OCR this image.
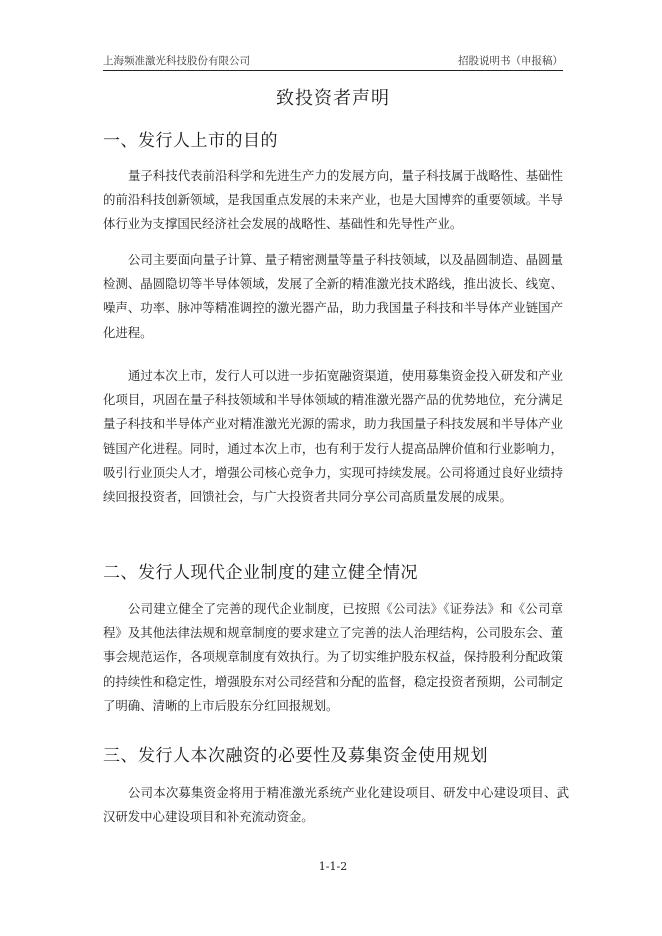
上海频准激光科技股份有限公司	招股说明书（申报稿）
致投资者声明
一、发行人上市的目的

量子科技代表前沿科学和先进生产力的发展方向，量子科技属于战略性、基础性的前沿科技创新领域，是我国重点发展的未来产业，也是大国博弈的重要领域。半导体行业为支撑国民经济社会发展的战略性、基础性和先导性产业。

公司主要面向量子计算、量子精密测量等量子科技领域，以及晶圆制造、晶圆量检测、晶圆隐切等半导体领域，发展了全新的精准激光技术路线，推出波长、线宽、噪声、功率、脉冲等精准调控的激光器产品，助力我国量子科技和半导体产业链国产化进程。

通过本次上市，发行人可以进一步拓宽融资渠道，使用募集资金投入研发和产业化项目，巩固在量子科技领域和半导体领域的精准激光器产品的优势地位，充分满足量子科技和半导体产业对精准激光光源的需求，助力我国量子科技发展和半导体产业链国产化进程。同时，通过本次上市，也有利于发行人提高品牌价值和行业影响力，吸引行业顶尖人才，增强公司核心竞争力，实现可持续发展。公司将通过良好业绩持续回报投资者，回馈社会，与广大投资者共同分享公司高质量发展的成果。

二、发行人现代企业制度的建立健全情况

公司建立健全了完善的现代企业制度，已按照《公司法》《证券法》和《公司章程》及其他法律法规和规章制度的要求建立了完善的法人治理结构，公司股东会、董事会规范运作，各项规章制度有效执行。为了切实维护股东权益，保持股利分配政策的持续性和稳定性，增强股东对公司经营和分配的监督，稳定投资者预期，公司制定了明确、清晰的上市后股东分红回报规划。

三、发行人本次融资的必要性及募集资金使用规划

公司本次募集资金将用于精准激光系统产业化建设项目、研发中心建设项目、武汉研发中心建设项目和补充流动资金。

1-1-2
